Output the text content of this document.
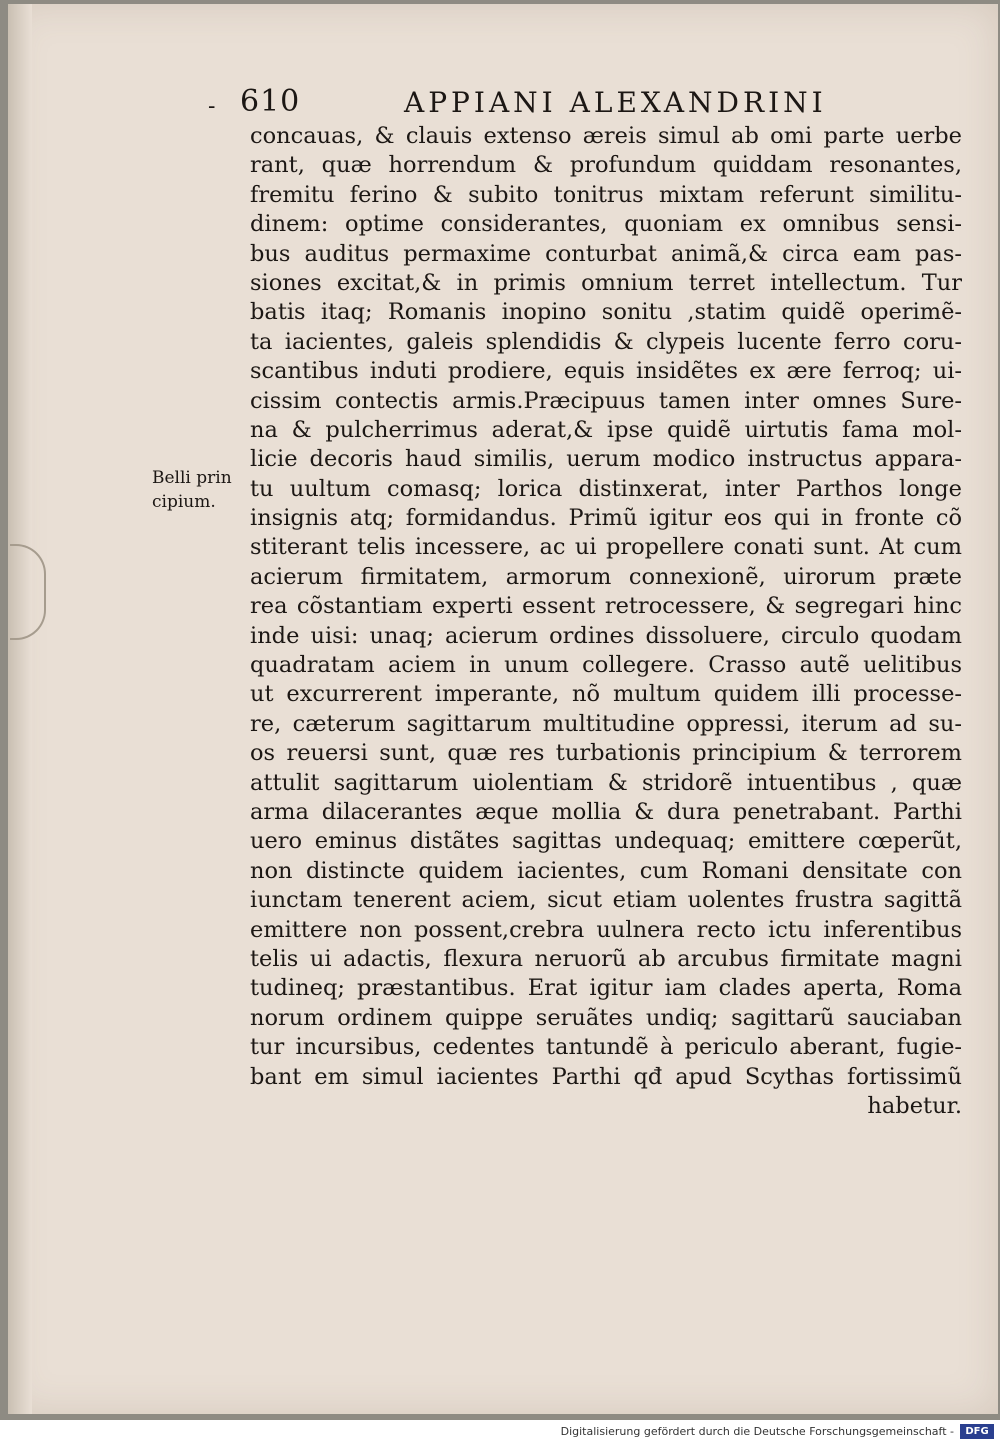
- 610	APPIANI ALEXANDRINI
Belli prin
cipium.
concauas, & clauis extenso æreis simul ab omi parte uerbe
rant, quæ horrendum & profundum quiddam resonantes,
fremitu ferino & subito tonitrus mixtam referunt similitu-
dinem: optime considerantes, quoniam ex omnibus sensi-
bus auditus permaxime conturbat animã,& circa eam pas-
siones excitat,& in primis omnium terret intellectum. Tur
batis itaq; Romanis inopino sonitu ,statim quidẽ operimẽ-
ta iacientes, galeis splendidis & clypeis lucente ferro coru-
scantibus induti prodiere, equis insidẽtes ex ære ferroq; ui-
cissim contectis armis.Præcipuus tamen inter omnes Sure-
na & pulcherrimus aderat,& ipse quidẽ uirtutis fama mol-
licie decoris haud similis, uerum modico instructus appara-
tu uultum comasq; lorica distinxerat, inter Parthos longe
insignis atq; formidandus. Primũ igitur eos qui in fronte cõ
stiterant telis incessere, ac ui propellere conati sunt. At cum
acierum firmitatem, armorum connexionẽ, uirorum præte
rea cõstantiam experti essent retrocessere, & segregari hinc
inde uisi: unaq; acierum ordines dissoluere, circulo quodam
quadratam aciem in unum collegere. Crasso autẽ uelitibus
ut excurrerent imperante, nõ multum quidem illi processe-
re, cæterum sagittarum multitudine oppressi, iterum ad su-
os reuersi sunt, quæ res turbationis principium & terrorem
attulit sagittarum uiolentiam & stridorẽ intuentibus , quæ
arma dilacerantes æque mollia & dura penetrabant. Parthi
uero eminus distãtes sagittas undequaq; emittere cœperũt,
non distincte quidem iacientes, cum Romani densitate con
iunctam tenerent aciem, sicut etiam uolentes frustra sagittã
emittere non possent,crebra uulnera recto ictu inferentibus
telis ui adactis, flexura neruorũ ab arcubus firmitate magni
tudineq; præstantibus. Erat igitur iam clades aperta, Roma
norum ordinem quippe seruãtes undiq; sagittarũ sauciaban
tur incursibus, cedentes tantundẽ à periculo aberant, fugie-
bant em simul iacientes Parthi qđ apud Scythas fortissimũ
habetur.
Digitalisierung gefördert durch die Deutsche Forschungsgemeinschaft -	DFG
